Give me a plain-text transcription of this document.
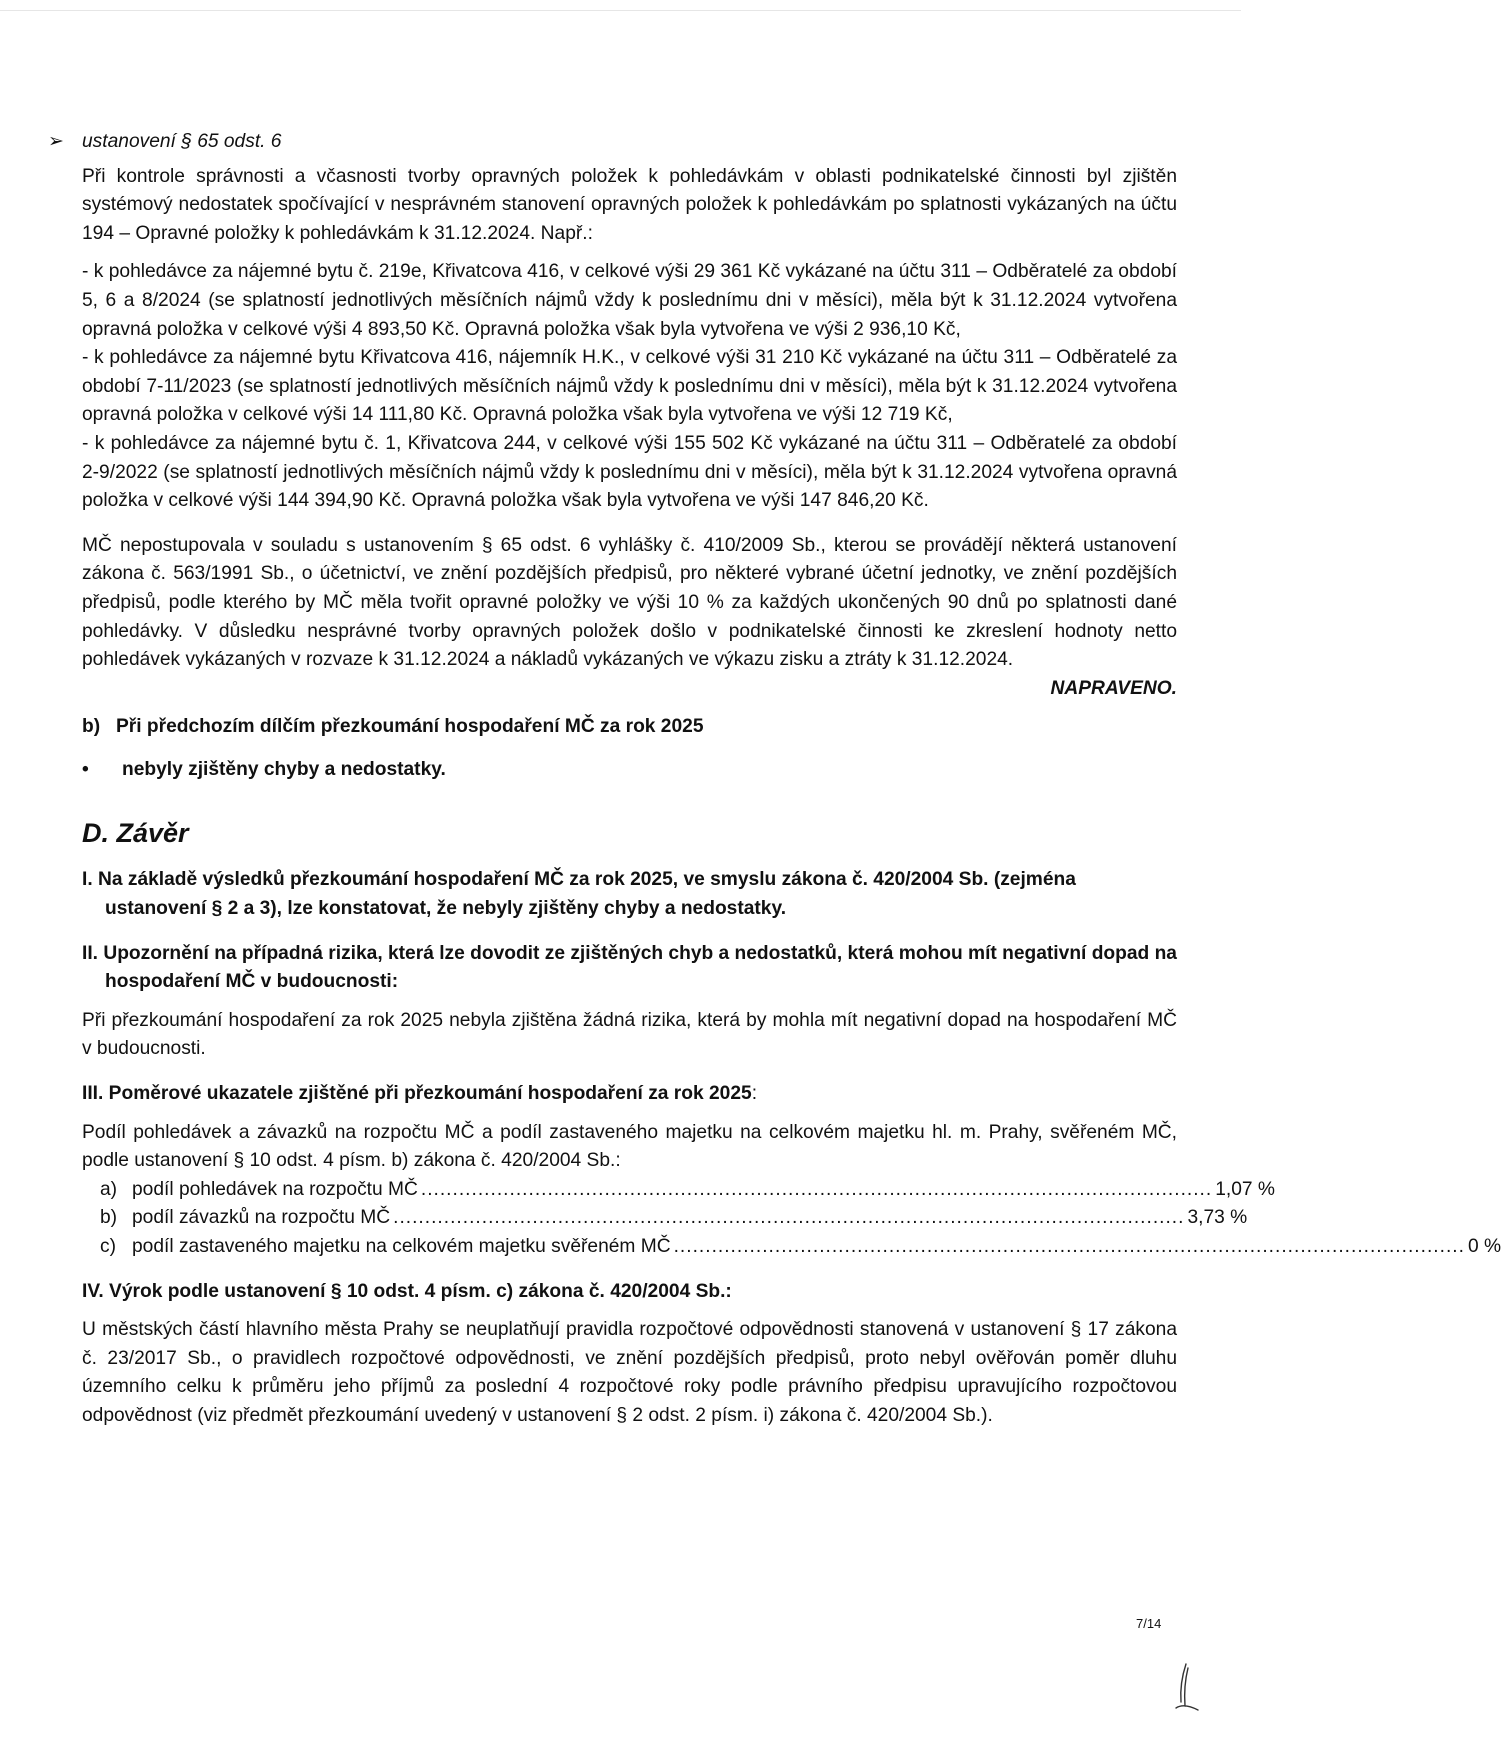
➢ ustanovení § 65 odst. 6

Při kontrole správnosti a včasnosti tvorby opravných položek k pohledávkám v oblasti podnikatelské činnosti byl zjištěn systémový nedostatek spočívající v nesprávném stanovení opravných položek k pohledávkám po splatnosti vykázaných na účtu 194 – Opravné položky k pohledávkám k 31.12.2024. Např.:

- k pohledávce za nájemné bytu č. 219e, Křivatcova 416, v celkové výši 29 361 Kč vykázané na účtu 311 – Odběratelé za období 5, 6 a 8/2024 (se splatností jednotlivých měsíčních nájmů vždy k poslednímu dni v měsíci), měla být k 31.12.2024 vytvořena opravná položka v celkové výši 4 893,50 Kč. Opravná položka však byla vytvořena ve výši 2 936,10 Kč,

- k pohledávce za nájemné bytu Křivatcova 416, nájemník H.K., v celkové výši 31 210 Kč vykázané na účtu 311 – Odběratelé za období 7-11/2023 (se splatností jednotlivých měsíčních nájmů vždy k poslednímu dni v měsíci), měla být k 31.12.2024 vytvořena opravná položka v celkové výši 14 111,80 Kč. Opravná položka však byla vytvořena ve výši 12 719 Kč,

- k pohledávce za nájemné bytu č. 1, Křivatcova 244, v celkové výši 155 502 Kč vykázané na účtu 311 – Odběratelé za období 2-9/2022 (se splatností jednotlivých měsíčních nájmů vždy k poslednímu dni v měsíci), měla být k 31.12.2024 vytvořena opravná položka v celkové výši 144 394,90 Kč. Opravná položka však byla vytvořena ve výši 147 846,20 Kč.

MČ nepostupovala v souladu s ustanovením § 65 odst. 6 vyhlášky č. 410/2009 Sb., kterou se provádějí některá ustanovení zákona č. 563/1991 Sb., o účetnictví, ve znění pozdějších předpisů, pro některé vybrané účetní jednotky, ve znění pozdějších předpisů, podle kterého by MČ měla tvořit opravné položky ve výši 10 % za každých ukončených 90 dnů po splatnosti dané pohledávky. V důsledku nesprávné tvorby opravných položek došlo v podnikatelské činnosti ke zkreslení hodnoty netto pohledávek vykázaných v rozvaze k 31.12.2024 a nákladů vykázaných ve výkazu zisku a ztráty k 31.12.2024.

NAPRAVENO.

b) Při předchozím dílčím přezkoumání hospodaření MČ za rok 2025

• nebyly zjištěny chyby a nedostatky.

D. Závěr

I. Na základě výsledků přezkoumání hospodaření MČ za rok 2025, ve smyslu zákona č. 420/2004 Sb. (zejména ustanovení § 2 a 3), lze konstatovat, že nebyly zjištěny chyby a nedostatky.

II. Upozornění na případná rizika, která lze dovodit ze zjištěných chyb a nedostatků, která mohou mít negativní dopad na hospodaření MČ v budoucnosti:

Při přezkoumání hospodaření za rok 2025 nebyla zjištěna žádná rizika, která by mohla mít negativní dopad na hospodaření MČ v budoucnosti.

III. Poměrové ukazatele zjištěné při přezkoumání hospodaření za rok 2025:

Podíl pohledávek a závazků na rozpočtu MČ a podíl zastaveného majetku na celkovém majetku hl. m. Prahy, svěřeném MČ, podle ustanovení § 10 odst. 4 písm. b) zákona č. 420/2004 Sb.:

a) podíl pohledávek na rozpočtu MČ ............................................................................................................................. 1,07 %
b) podíl závazků na rozpočtu MČ ............................................................................................................................. 3,73 %
c) podíl zastaveného majetku na celkovém majetku svěřeném MČ ............................................................................................................................. 0 %

IV. Výrok podle ustanovení § 10 odst. 4 písm. c) zákona č. 420/2004 Sb.:

U městských částí hlavního města Prahy se neuplatňují pravidla rozpočtové odpovědnosti stanovená v ustanovení § 17 zákona č. 23/2017 Sb., o pravidlech rozpočtové odpovědnosti, ve znění pozdějších předpisů, proto nebyl ověřován poměr dluhu územního celku k průměru jeho příjmů za poslední 4 rozpočtové roky podle právního předpisu upravujícího rozpočtovou odpovědnost (viz předmět přezkoumání uvedený v ustanovení § 2 odst. 2 písm. i) zákona č. 420/2004 Sb.).

7/14
